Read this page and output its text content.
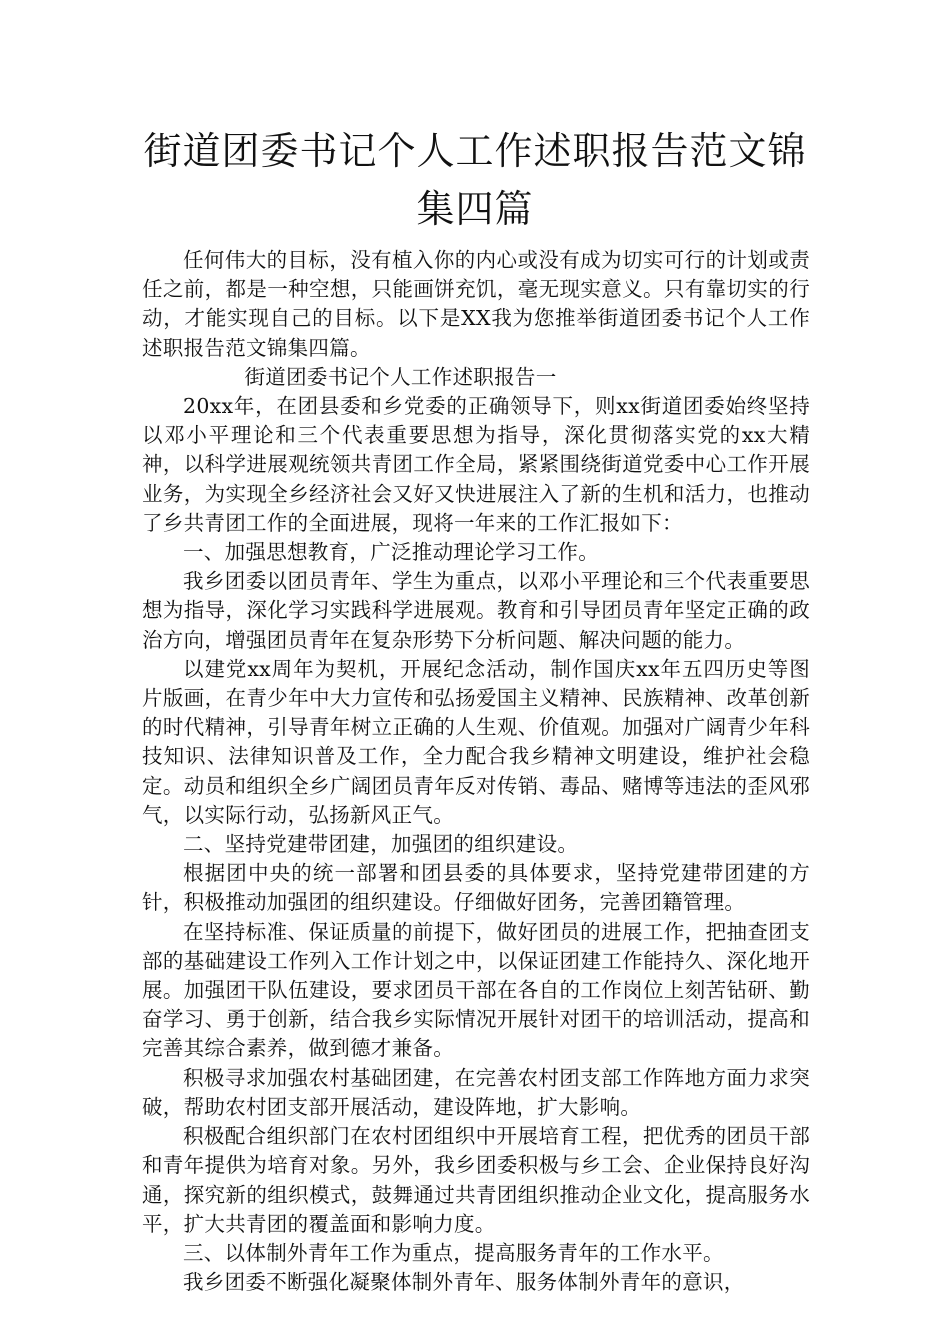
街道团委书记个人工作述职报告范文锦集四篇

任何伟大的目标，没有植入你的内心或没有成为切实可行的计划或责任之前，都是一种空想，只能画饼充饥，毫无现实意义。只有靠切实的行动，才能实现自己的目标。以下是XX我为您推举街道团委书记个人工作述职报告范文锦集四篇。

街道团委书记个人工作述职报告一

20xx年，在团县委和乡党委的正确领导下，则xx街道团委始终坚持以邓小平理论和三个代表重要思想为指导，深化贯彻落实党的xx大精神，以科学进展观统领共青团工作全局，紧紧围绕街道党委中心工作开展业务，为实现全乡经济社会又好又快进展注入了新的生机和活力，也推动了乡共青团工作的全面进展，现将一年来的工作汇报如下：

一、加强思想教育，广泛推动理论学习工作。

我乡团委以团员青年、学生为重点，以邓小平理论和三个代表重要思想为指导，深化学习实践科学进展观。教育和引导团员青年坚定正确的政治方向，增强团员青年在复杂形势下分析问题、解决问题的能力。

以建党xx周年为契机，开展纪念活动，制作国庆xx年五四历史等图片版画，在青少年中大力宣传和弘扬爱国主义精神、民族精神、改革创新的时代精神，引导青年树立正确的人生观、价值观。加强对广阔青少年科技知识、法律知识普及工作，全力配合我乡精神文明建设，维护社会稳定。动员和组织全乡广阔团员青年反对传销、毒品、赌博等违法的歪风邪气，以实际行动，弘扬新风正气。

二、坚持党建带团建，加强团的组织建设。

根据团中央的统一部署和团县委的具体要求，坚持党建带团建的方针，积极推动加强团的组织建设。仔细做好团务，完善团籍管理。

在坚持标准、保证质量的前提下，做好团员的进展工作，把抽查团支部的基础建设工作列入工作计划之中，以保证团建工作能持久、深化地开展。加强团干队伍建设，要求团员干部在各自的工作岗位上刻苦钻研、勤奋学习、勇于创新，结合我乡实际情况开展针对团干的培训活动，提高和完善其综合素养，做到德才兼备。

积极寻求加强农村基础团建，在完善农村团支部工作阵地方面力求突破，帮助农村团支部开展活动，建设阵地，扩大影响。

积极配合组织部门在农村团组织中开展培育工程，把优秀的团员干部和青年提供为培育对象。另外，我乡团委积极与乡工会、企业保持良好沟通，探究新的组织模式，鼓舞通过共青团组织推动企业文化，提高服务水平，扩大共青团的覆盖面和影响力度。

三、以体制外青年工作为重点，提高服务青年的工作水平。

我乡团委不断强化凝聚体制外青年、服务体制外青年的意识，
